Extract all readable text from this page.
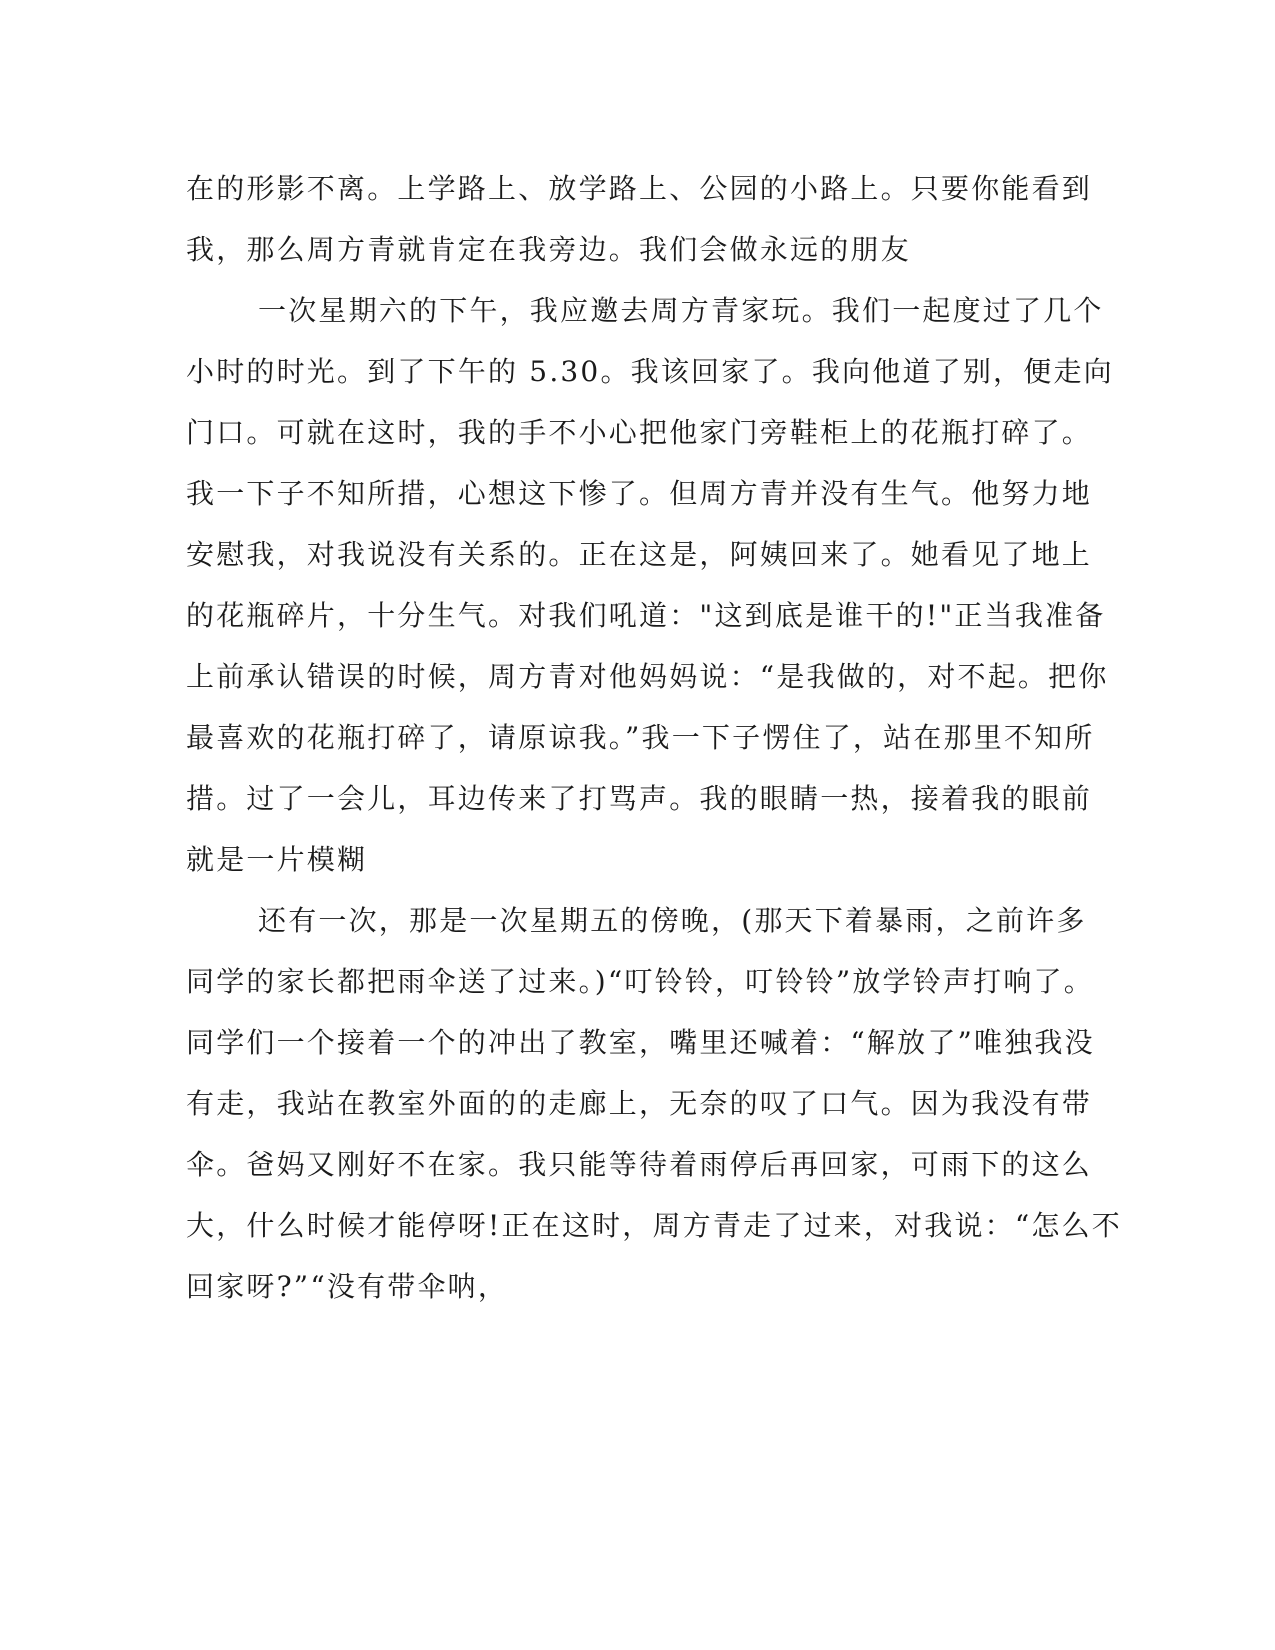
在的形影不离。上学路上、放学路上、公园的小路上。只要你能看到
我，那么周方青就肯定在我旁边。我们会做永远的朋友
一次星期六的下午，我应邀去周方青家玩。我们一起度过了几个
小时的时光。到了下午的 5.30。我该回家了。我向他道了别，便走向
门口。可就在这时，我的手不小心把他家门旁鞋柜上的花瓶打碎了。
我一下子不知所措，心想这下惨了。但周方青并没有生气。他努力地
安慰我，对我说没有关系的。正在这是，阿姨回来了。她看见了地上
的花瓶碎片，十分生气。对我们吼道："这到底是谁干的!"正当我准备
上前承认错误的时候，周方青对他妈妈说：“是我做的，对不起。把你
最喜欢的花瓶打碎了，请原谅我。”我一下子愣住了，站在那里不知所
措。过了一会儿，耳边传来了打骂声。我的眼睛一热，接着我的眼前
就是一片模糊
还有一次，那是一次星期五的傍晚，(那天下着暴雨，之前许多
同学的家长都把雨伞送了过来。)“叮铃铃，叮铃铃”放学铃声打响了。
同学们一个接着一个的冲出了教室，嘴里还喊着：“解放了”唯独我没
有走，我站在教室外面的的走廊上，无奈的叹了口气。因为我没有带
伞。爸妈又刚好不在家。我只能等待着雨停后再回家，可雨下的这么
大，什么时候才能停呀!正在这时，周方青走了过来，对我说：“怎么不
回家呀?”“没有带伞呐，
